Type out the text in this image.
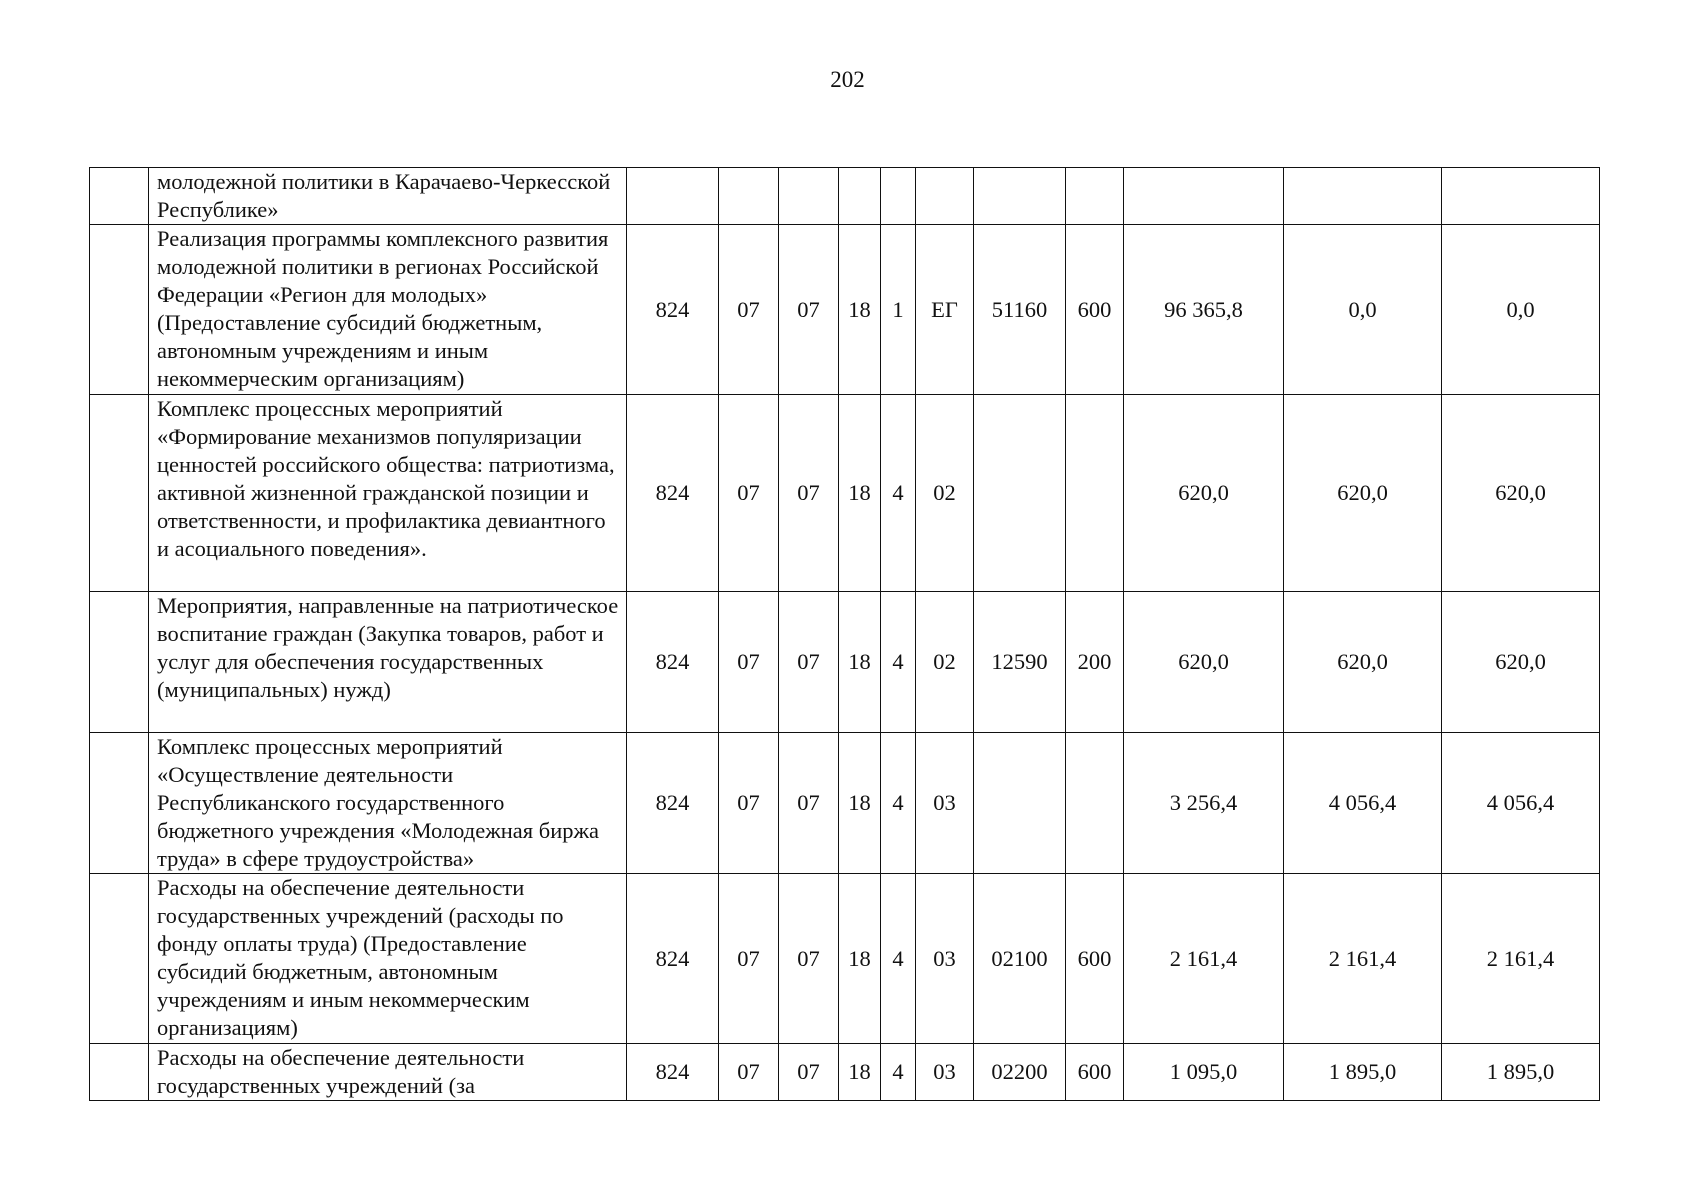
202
	молодежной политики в Карачаево-Черкесской Республике»											
	Реализация программы комплексного развития молодежной политики в регионах Российской Федерации «Регион для молодых» (Предоставление субсидий бюджетным, автономным учреждениям и иным некоммерческим организациям)	824	07	07	18	1	ЕГ	51160	600	96 365,8	0,0	0,0
	Комплекс процессных мероприятий «Формирование механизмов популяризации ценностей российского общества: патриотизма, активной жизненной гражданской позиции и ответственности, и профилактика девиантного и асоциального поведения».	824	07	07	18	4	02			620,0	620,0	620,0
	Мероприятия, направленные на патриотическое воспитание граждан (Закупка товаров, работ и услуг для обеспечения государственных (муниципальных) нужд)	824	07	07	18	4	02	12590	200	620,0	620,0	620,0
	Комплекс процессных мероприятий «Осуществление деятельности Республиканского государственного бюджетного учреждения «Молодежная биржа труда» в сфере трудоустройства»	824	07	07	18	4	03			3 256,4	4 056,4	4 056,4
	Расходы на обеспечение деятельности государственных учреждений (расходы по фонду оплаты труда) (Предоставление субсидий бюджетным, автономным учреждениям и иным некоммерческим организациям)	824	07	07	18	4	03	02100	600	2 161,4	2 161,4	2 161,4
	Расходы на обеспечение деятельности государственных учреждений (за	824	07	07	18	4	03	02200	600	1 095,0	1 895,0	1 895,0
